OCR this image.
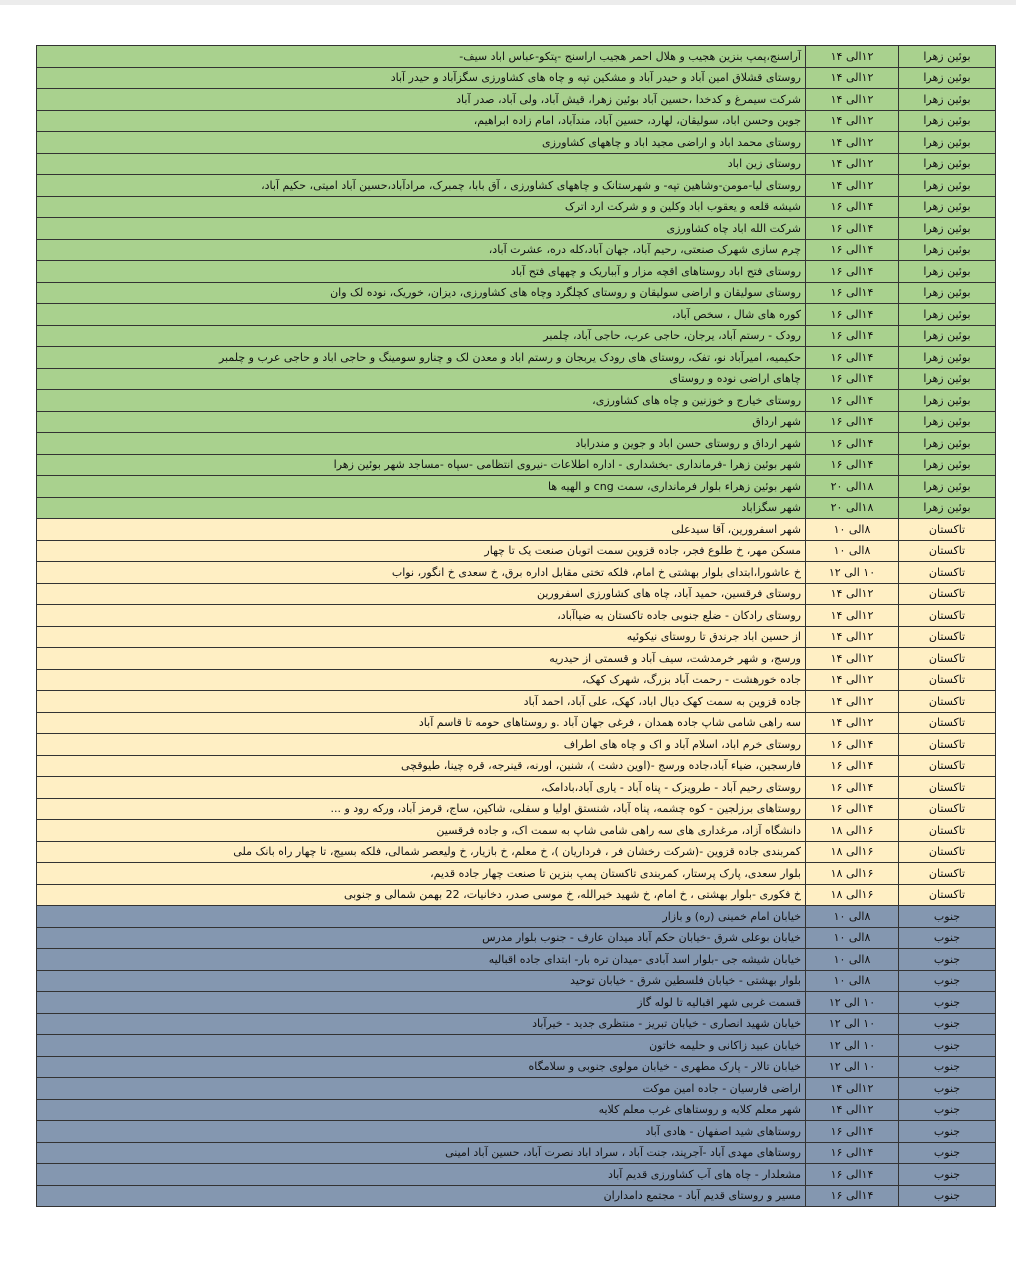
بوئین زهرا	۱۲الی ۱۴	آراسنج،پمپ بنزین هجیب و هلال احمر هجیب اراسنج -پتکو-عباس اباد سیف-
بوئین زهرا	۱۲الی ۱۴	روستای قشلاق امین آباد و حیدر آباد و مشکین تپه و چاه های کشاورزی سگزآباد و حیدر آباد
بوئین زهرا	۱۲الی ۱۴	شرکت سیمرغ و کدخدا ،حسین آباد بوئین زهرا، قیش آباد، ولی آباد، صدر آباد
بوئین زهرا	۱۲الی ۱۴	جوین وحسن اباد، سولیقان، لهارد، حسین آباد، مندآباد، امام زاده ابراهیم،
بوئین زهرا	۱۲الی ۱۴	روستای محمد اباد و اراضی مجید اباد و چاههای کشاورزی
بوئین زهرا	۱۲الی ۱۴	روستای زین اباد
بوئین زهرا	۱۲الی ۱۴	روستای لیا-مومن-وشاهین تپه- و شهرستانک و چاههای کشاورزی ، آق بابا، چمبرک، مرادآباد،حسین آباد امیتی، حکیم آباد،
بوئین زهرا	۱۴الی ۱۶	شیشه قلعه و یعقوب اباد وکلین و و شرکت ارد اترک
بوئین زهرا	۱۴الی ۱۶	شرکت الله اباد چاه کشاورزی
بوئین زهرا	۱۴الی ۱۶	چرم سازی شهرک صنعتی، رحیم آباد، جهان آباد،کله دره، عشرت آباد،
بوئین زهرا	۱۴الی ۱۶	روستای فتح اباد روستاهای اقچه مزار و آبباریک و چههای فتح آباد
بوئین زهرا	۱۴الی ۱۶	روستای سولیقان و اراضی سولیقان و روستای کچلگرد وچاه های کشاورزی، دیزان، خوریک، نوده لک وان
بوئین زهرا	۱۴الی ۱۶	کوره های شال ، سخص آباد،
بوئین زهرا	۱۴الی ۱۶	رودک - رستم آباد، یرجان، حاجی عرب، حاجی آباد، چلمبر
بوئین زهرا	۱۴الی ۱۶	حکیمیه، امیرآباد نو، تفک، روستای های رودک یربجان و رستم اباد و معدن لک و چنارو سومینگ و حاجی اباد و حاجی عرب و چلمبر
بوئین زهرا	۱۴الی ۱۶	چاهای اراضی نوده و روستای
بوئین زهرا	۱۴الی ۱۶	روستای خیارج و خوزنین و چاه های کشاورزی،
بوئین زهرا	۱۴الی ۱۶	شهر ارداق
بوئین زهرا	۱۴الی ۱۶	شهر ارداق و روستای حسن اباد و جوین و مندراباد
بوئین زهرا	۱۴الی ۱۶	شهر بوئین زهرا -فرمانداری -بخشداری - اداره اطلاعات -نیروی انتظامی -سپاه -مساجد شهر بوئین زهرا
بوئین زهرا	۱۸الی ۲۰	شهر بوئین زهراء بلوار فرمانداری، سمت cng و الهیه ها
بوئین زهرا	۱۸الی ۲۰	شهر سگزاباد
تاکستان	۸الی ۱۰	شهر اسفرورین، آقا سیدعلی
تاکستان	۸الی ۱۰	مسکن مهر، خ طلوع فجر، جاده قزوین سمت اتوبان صنعت یک تا چهار
تاکستان	۱۰ الی ۱۲	خ عاشورا،ابتدای بلوار بهشتی خ امام، فلکه تختی مقابل اداره برق، خ سعدی خ انگور، نواب
تاکستان	۱۲الی ۱۴	روستای فرقسین، حمید آباد، چاه های کشاورزی اسفرورین
تاکستان	۱۲الی ۱۴	روستای رادکان - ضلع جنوبی جاده تاکستان به ضیاآباد،
تاکستان	۱۲الی ۱۴	از حسین اباد جرندق تا روستای نیکوئیه
تاکستان	۱۲الی ۱۴	ورسج، و شهر خرمدشت، سیف آباد و قسمتی از حیدریه
تاکستان	۱۲الی ۱۴	جاده خورهشت - رحمت آباد بزرگ، شهرک کهک،
تاکستان	۱۲الی ۱۴	جاده قزوین به سمت کهک دیال اباد، کهک، علی آباد، احمد آباد
تاکستان	۱۲الی ۱۴	سه راهی شامی شاپ جاده همدان ، فرغی جهان آباد .و روستاهای حومه تا قاسم آباد
تاکستان	۱۴الی ۱۶	روستای خرم اباد، اسلام آباد و اک و چاه های اطراف
تاکستان	۱۴الی ۱۶	فارسجین، ضیاء آباد،جاده ورسج -(اوین دشت )، شنین، اورنه، قینرجه، قره چینا، طیوقچی
تاکستان	۱۴الی ۱۶	روستای رحیم آباد - طرویزک - پناه آباد - یاری آباد،بادامک،
تاکستان	۱۴الی ۱۶	روستاهای برزلجین - کوه چشمه، پناه آباد، شنستق اولیا و سفلی، شاکین، ساج، قرمز آباد، ورکه رود و ...
تاکستان	۱۶الی ۱۸	دانشگاه آزاد، مرغداری های سه راهی شامی شاپ به سمت اک، و جاده فرقسین
تاکستان	۱۶الی ۱۸	کمربندی جاده قزوین -(شرکت رخشان فر ، فرداریان )، خ معلم، خ بازیار، خ ولیعصر شمالی، فلکه بسیج، تا چهار راه بانک ملی
تاکستان	۱۶الی ۱۸	بلوار سعدی، پارک پرستار، کمربندی تاکستان پمپ بنزین تا صنعت چهار جاده قدیم،
تاکستان	۱۶الی ۱۸	خ فکوری -بلوار بهشتی ، خ امام، خ شهید خیرالله، خ موسی صدر، دخانیات، 22 بهمن شمالی و جنوبی
جنوب	۸الی ۱۰	خیابان امام خمینی (ره) و بازار
جنوب	۸الی ۱۰	خیابان بوعلی شرق -خیابان حکم آباد میدان عارف - جنوب بلوار مدرس
جنوب	۸الی ۱۰	خیابان شیشه جی -بلوار اسد آبادی -میدان تره بار- ابتدای جاده اقبالیه
جنوب	۸الی ۱۰	بلوار بهشتی - خیابان فلسطین شرق - خیابان توحید
جنوب	۱۰ الی ۱۲	قسمت غربی شهر اقبالیه تا لوله گاز
جنوب	۱۰ الی ۱۲	خیابان شهید انصاری - خیابان تبریز - منتظری جدید - خیرآباد
جنوب	۱۰ الی ۱۲	خیابان عبید زاکانی و حلیمه خاتون
جنوب	۱۰ الی ۱۲	خیابان تالار - پارک مطهری - خیابان مولوی جنوبی و سلامگاه
جنوب	۱۲الی ۱۴	اراضی فارسیان - جاده امین موکت
جنوب	۱۲الی ۱۴	شهر معلم کلایه و روستاهای غرب معلم کلایه
جنوب	۱۴الی ۱۶	روستاهای شید اصفهان - هادی آباد
جنوب	۱۴الی ۱۶	روستاهای مهدی آباد -آجرپند، جنت آباد ، سراد اباد نصرت آباد، حسین آباد امینی
جنوب	۱۴الی ۱۶	مشعلدار - چاه های آب کشاورزی قدیم آباد
جنوب	۱۴الی ۱۶	مسیر و روستای قدیم آباد - مجتمع دامداران
